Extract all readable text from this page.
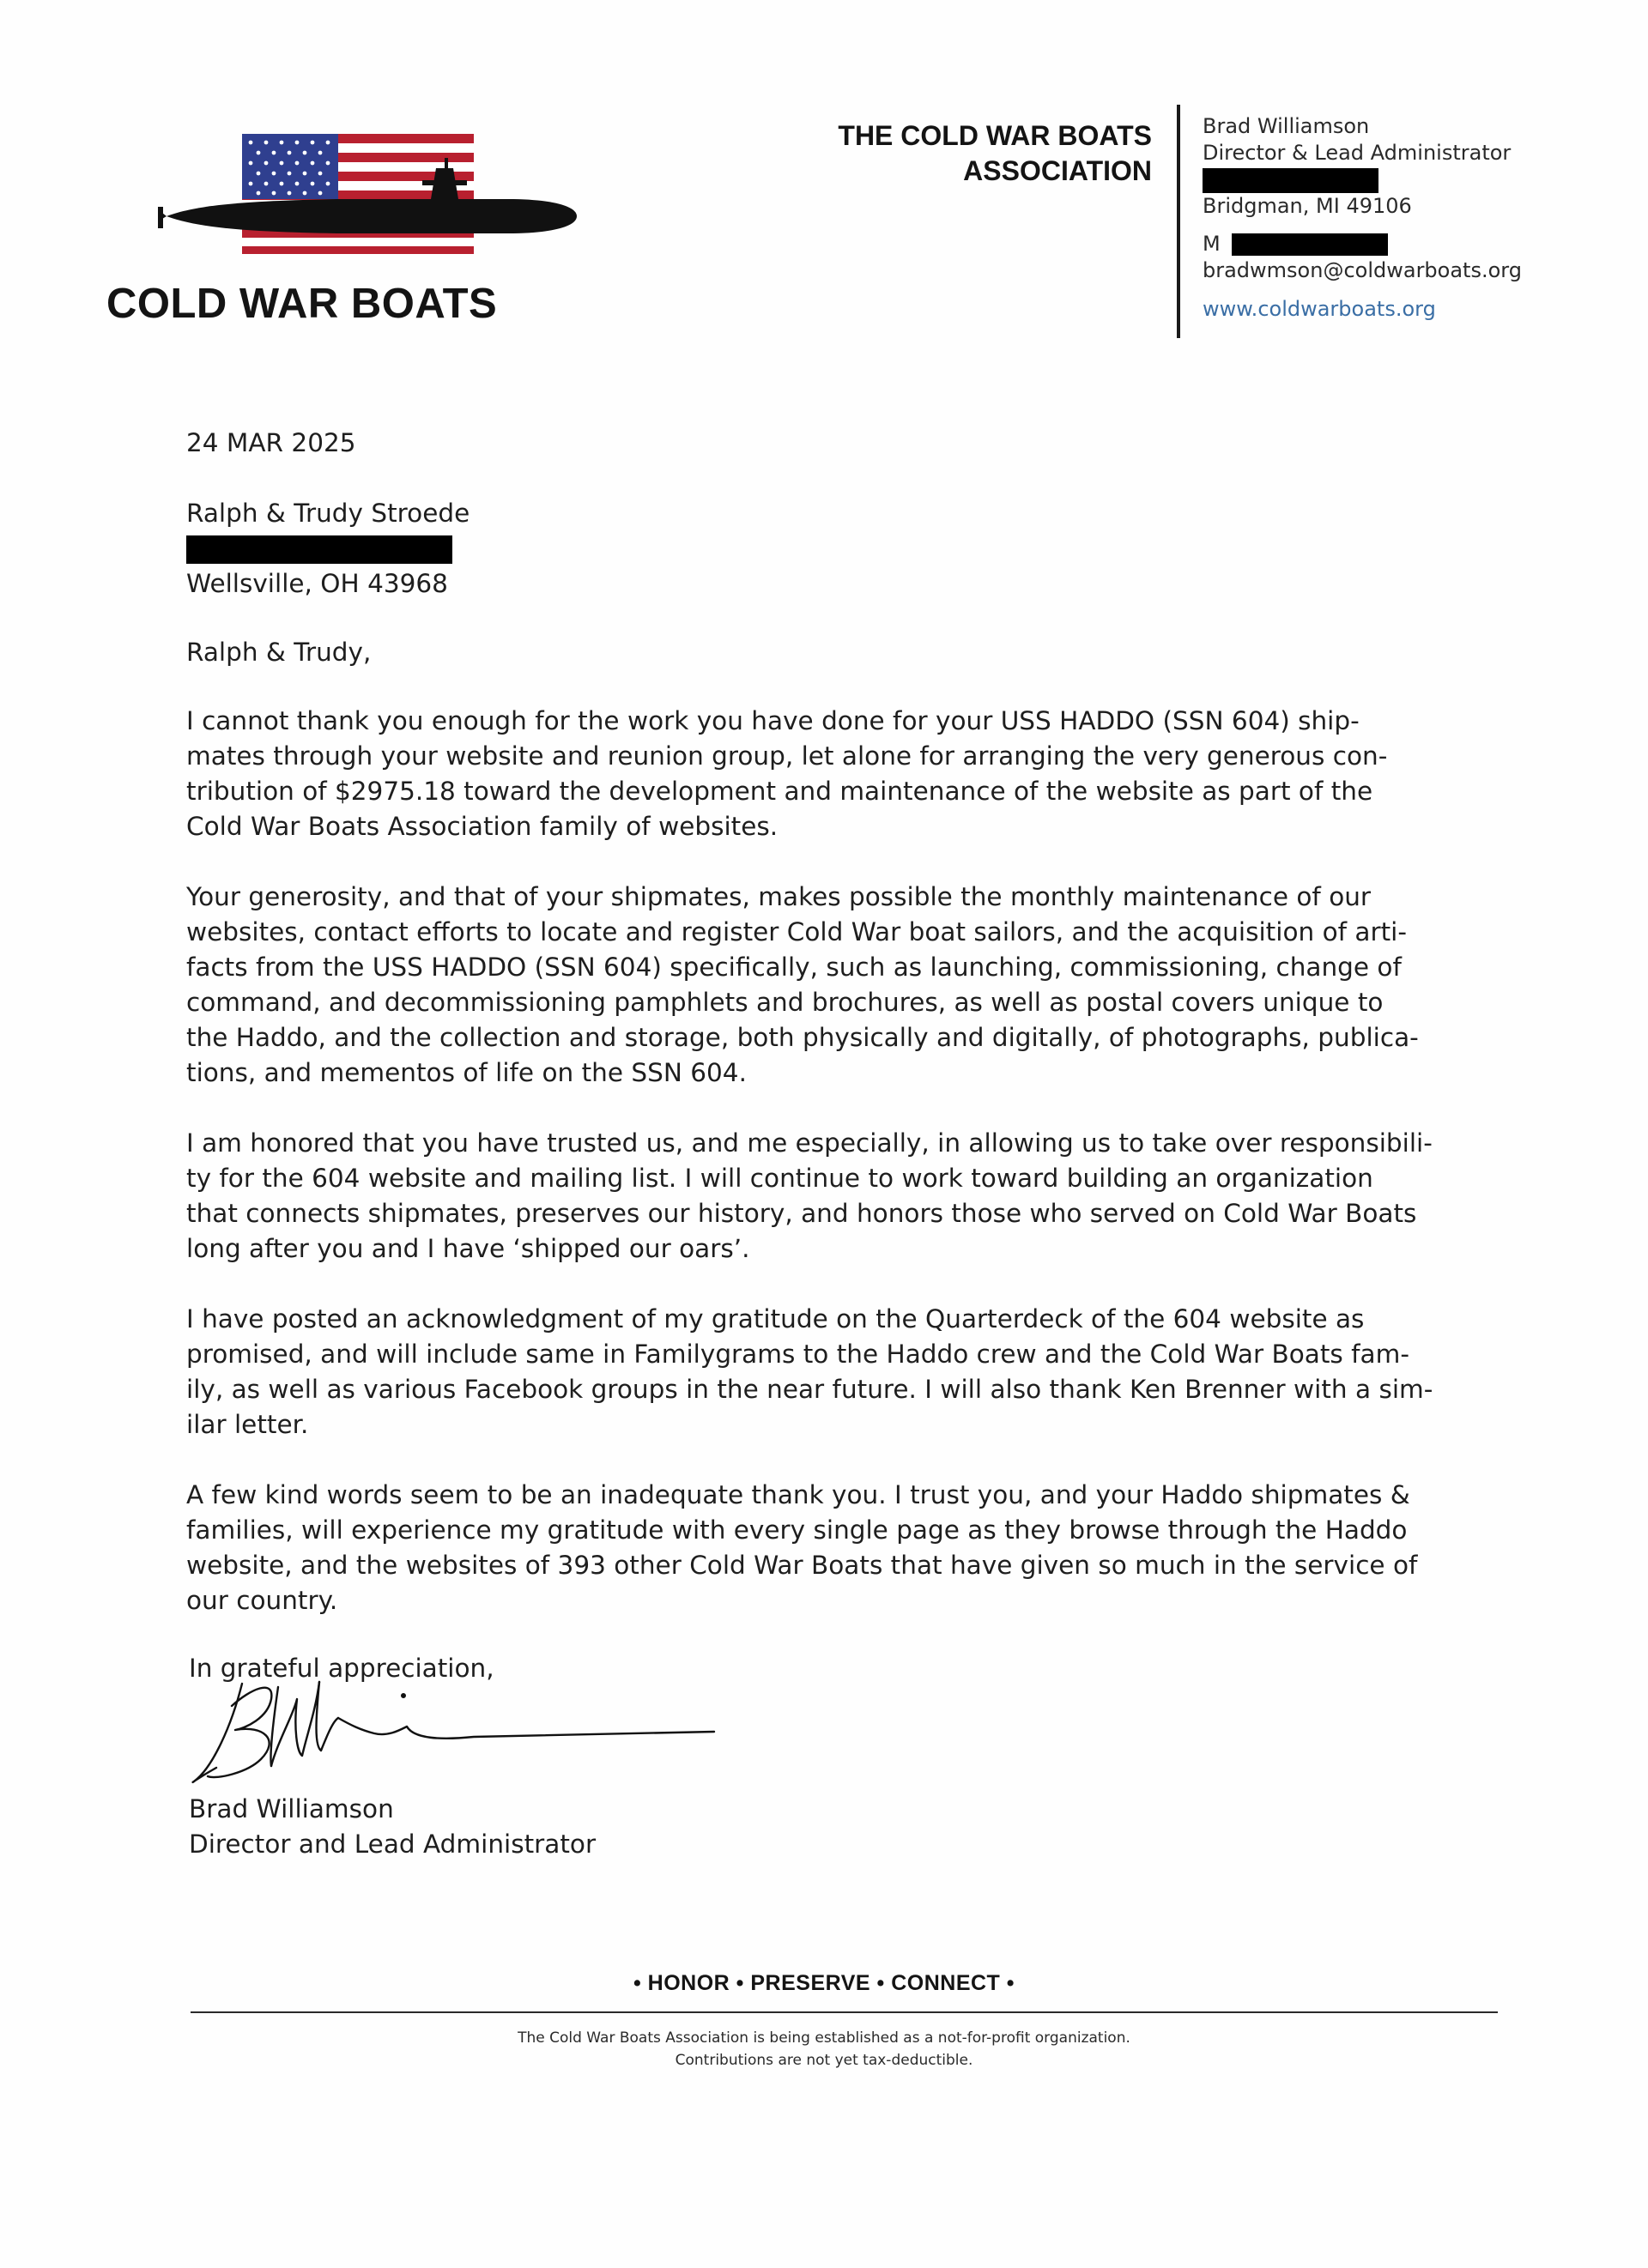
COLD WAR BOATS
THE COLD WAR BOATS
ASSOCIATION
Brad Williamson
Director & Lead Administrator
Bridgman, MI 49106
M
bradwmson@coldwarboats.org
www.coldwarboats.org

24 MAR 2025

Ralph & Trudy Stroede
Wellsville, OH 43968

Ralph & Trudy,

I cannot thank you enough for the work you have done for your USS HADDO (SSN 604) ship-
mates through your website and reunion group, let alone for arranging the very generous con-
tribution of $2975.18 toward the development and maintenance of the website as part of the
Cold War Boats Association family of websites.
Your generosity, and that of your shipmates, makes possible the monthly maintenance of our
websites, contact efforts to locate and register Cold War boat sailors, and the acquisition of arti-
facts from the USS HADDO (SSN 604) specifically, such as launching, commissioning, change of
command, and decommissioning pamphlets and brochures, as well as postal covers unique to
the Haddo, and the collection and storage, both physically and digitally, of photographs, publica-
tions, and mementos of life on the SSN 604.
I am honored that you have trusted us, and me especially, in allowing us to take over responsibili-
ty for the 604 website and mailing list. I will continue to work toward building an organization
that connects shipmates, preserves our history, and honors those who served on Cold War Boats
long after you and I have ‘shipped our oars’.
I have posted an acknowledgment of my gratitude on the Quarterdeck of the 604 website as
promised, and will include same in Familygrams to the Haddo crew and the Cold War Boats fam-
ily, as well as various Facebook groups in the near future. I will also thank Ken Brenner with a sim-
ilar letter.
A few kind words seem to be an inadequate thank you. I trust you, and your Haddo shipmates &
families, will experience my gratitude with every single page as they browse through the Haddo
website, and the websites of 393 other Cold War Boats that have given so much in the service of
our country.
In grateful appreciation,
Brad Williamson
Director and Lead Administrator
• HONOR • PRESERVE • CONNECT •
The Cold War Boats Association is being established as a not-for-profit organization.
Contributions are not yet tax-deductible.
